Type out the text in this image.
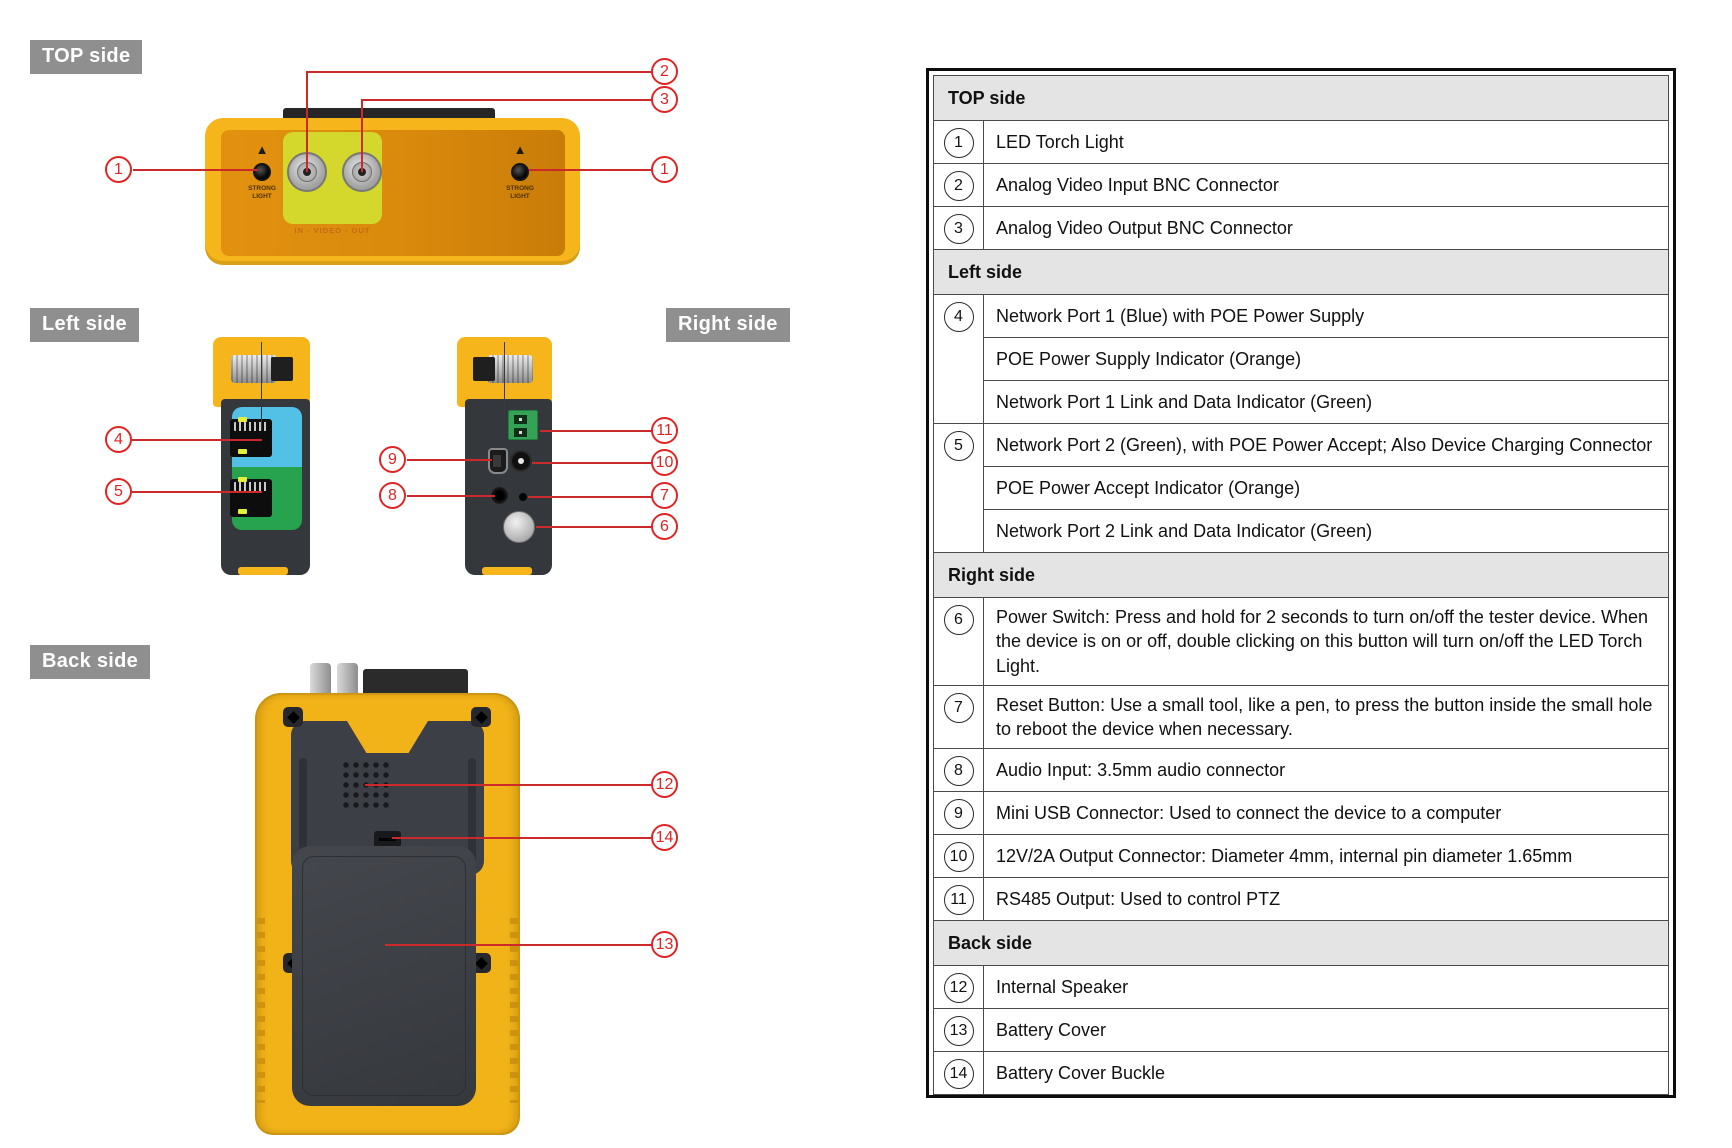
TOP side
Left side	Right side
Back side
IN - VIDEO - OUT
▲	▲
STRONG LIGHT
STRONG LIGHT
2
3
1
1
4
5
9
8
11
10
7
6
12
14
13
TOP side	
1	LED Torch Light
2	Analog Video Input BNC Connector
3	Analog Video Output BNC Connector
Left side	
4	Network Port 1 (Blue) with POE Power Supply
	POE Power Supply Indicator (Orange)
	Network Port 1 Link and Data Indicator (Green)
5	Network Port 2 (Green), with POE Power Accept; Also Device Charging Connector
	POE Power Accept Indicator (Orange)
	Network Port 2 Link and Data Indicator (Green)
Right side	
6	Power Switch: Press and hold for 2 seconds to turn on/off the tester device. When the device is on or off, double clicking on this button will turn on/off the LED Torch Light.
7	Reset Button: Use a small tool, like a pen, to press the button inside the small hole to reboot the device when necessary.
8	Audio Input: 3.5mm audio connector
9	Mini USB Connector: Used to connect the device to a computer
10	12V/2A Output Connector: Diameter 4mm, internal pin diameter 1.65mm
11	RS485 Output: Used to control PTZ
Back side	
12	Internal Speaker
13	Battery Cover
14	Battery Cover Buckle
